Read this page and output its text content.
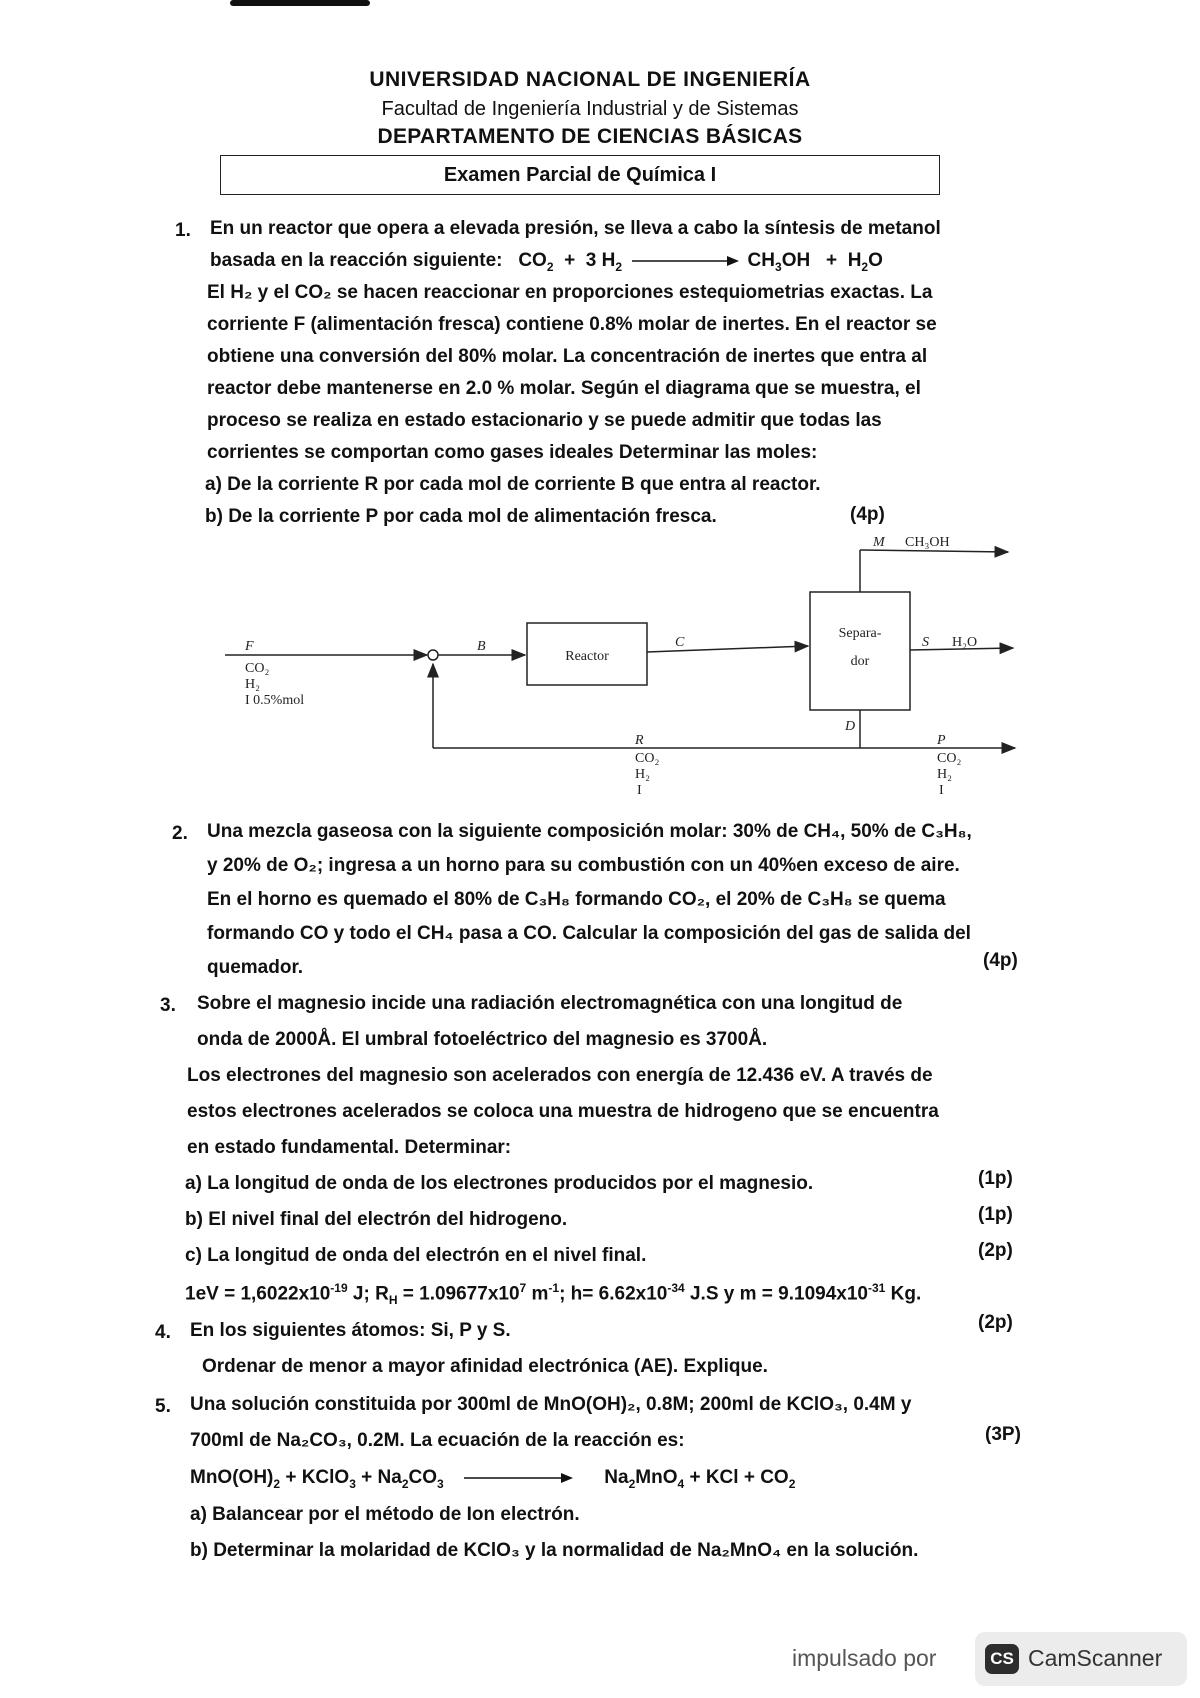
UNIVERSIDAD NACIONAL DE INGENIERÍA
Facultad de Ingeniería Industrial y de Sistemas
DEPARTAMENTO DE CIENCIAS BÁSICAS
Examen Parcial de Química I
1. En un reactor que opera a elevada presión, se lleva a cabo la síntesis de metanol
basada en la reacción siguiente:   $CO_2 + 3$ $H_2$	$CH_3OH + H_2O$
El H₂ y el CO₂ se hacen reaccionar en proporciones estequiometrias exactas. La
corriente F (alimentación fresca) contiene 0.8% molar de inertes. En el reactor se
obtiene una conversión del 80% molar. La concentración de inertes que entra al
reactor debe mantenerse en 2.0 % molar. Según el diagrama que se muestra, el
proceso se realiza en estado estacionario y se puede admitir que todas las
corrientes se comportan como gases ideales Determinar las moles:
a) De la corriente R por cada mol de corriente B que entra al reactor.
b) De la corriente P por cada mol de alimentación fresca.	(4p)
F
CO₂
H₂
I 0.5%mol
B
Reactor
C
Separa-
dor
M CH₃OH
S H₂O
D
R
CO₂
H₂
I
P
CO₂
H₂
I
2. Una mezcla gaseosa con la siguiente composición molar: 30% de CH₄, 50% de C₃H₈,
y 20% de O₂; ingresa a un horno para su combustión con un 40%en exceso de aire.
En el horno es quemado el 80% de C₃H₈ formando CO₂, el 20% de C₃H₈ se quema
formando CO y todo el CH₄ pasa a CO. Calcular la composición del gas de salida del
quemador.	(4p)
3. Sobre el magnesio incide una radiación electromagnética con una longitud de
onda de 2000Å. El umbral fotoeléctrico del magnesio es 3700Å.
Los electrones del magnesio son acelerados con energía de 12.436 eV. A través de
estos electrones acelerados se coloca una muestra de hidrogeno que se encuentra
en estado fundamental. Determinar:
a) La longitud de onda de los electrones producidos por el magnesio.	(1p)
b) El nivel final del electrón del hidrogeno.	(1p)
c) La longitud de onda del electrón en el nivel final.	(2p)
$1eV = 1,6022x10^{-19}$ J; $R_H = 1.09677x10^7$ $m^{-1}$; $h= 6.62x10^{-34}$ J.S y $m = 9.1094x10^{-31}$ Kg.
4. En los siguientes átomos: Si, P y S.	(2p)
Ordenar de menor a mayor afinidad electrónica (AE). Explique.
5. Una solución constituida por 300ml de MnO(OH)₂, 0.8M; 200ml de KClO₃, 0.4M y
700ml de Na₂CO₃, 0.2M. La ecuación de la reacción es:	(3P)
$MnO(OH)_2$ + KClO$_3$ + $Na_2CO_3$	$Na_2MnO_4$ + KCl + $CO_2$
a) Balancear por el método de Ion electrón.
b) Determinar la molaridad de KClO₃ y la normalidad de Na₂MnO₄ en la solución.
impulsado por	CS CamScanner
